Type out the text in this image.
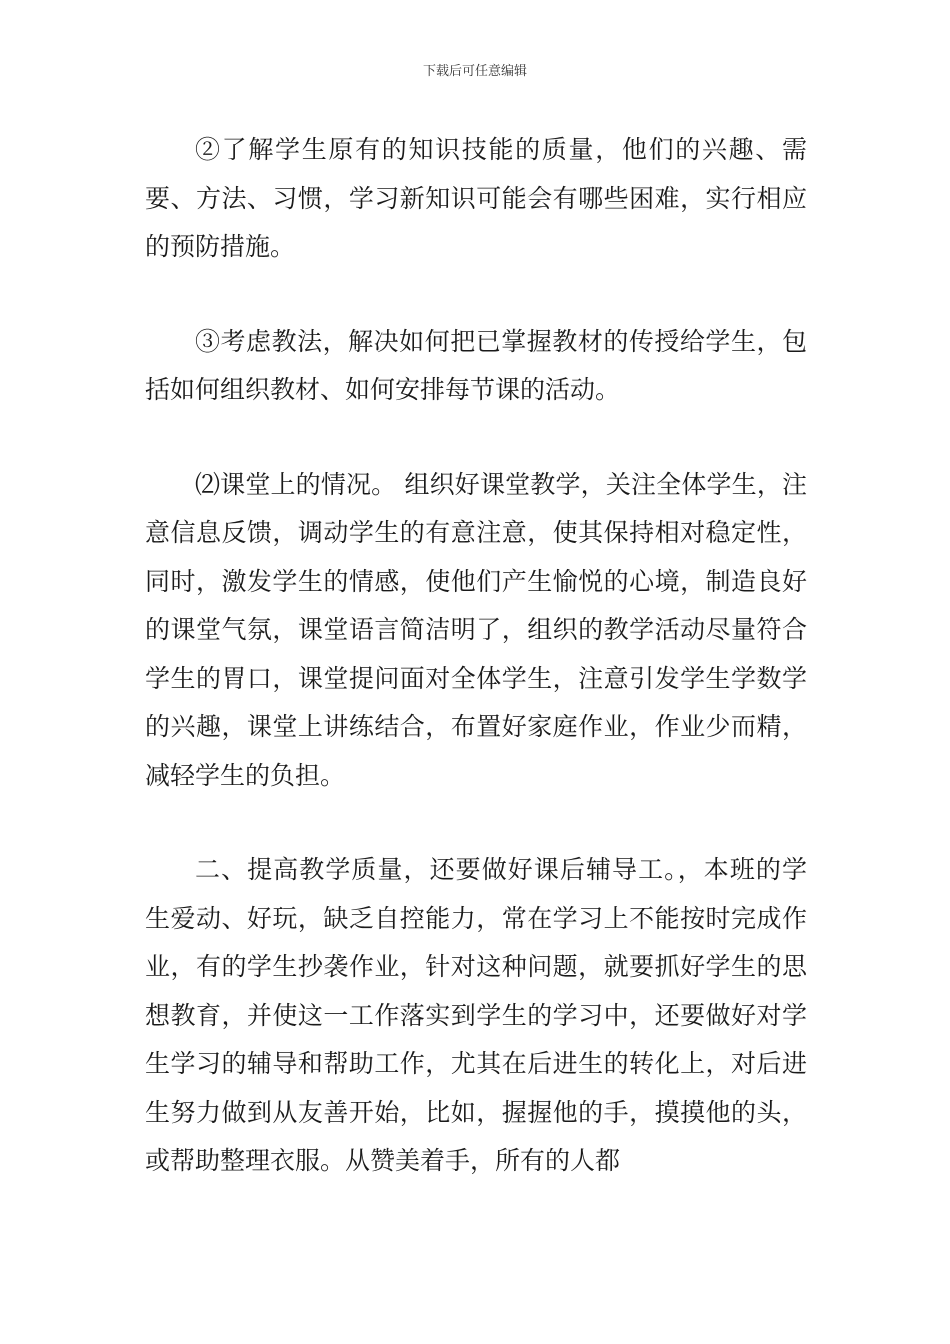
下载后可任意编辑

②了解学生原有的知识技能的质量，他们的兴趣、需要、方法、习惯，学习新知识可能会有哪些困难，实行相应的预防措施。

③考虑教法，解决如何把已掌握教材的传授给学生，包括如何组织教材、如何安排每节课的活动。

⑵课堂上的情况。 组织好课堂教学，关注全体学生，注意信息反馈，调动学生的有意注意，使其保持相对稳定性，同时，激发学生的情感，使他们产生愉悦的心境，制造良好的课堂气氛，课堂语言简洁明了，组织的教学活动尽量符合学生的胃口，课堂提问面对全体学生，注意引发学生学数学的兴趣，课堂上讲练结合，布置好家庭作业，作业少而精，减轻学生的负担。

二、提高教学质量，还要做好课后辅导工。，本班的学生爱动、好玩，缺乏自控能力，常在学习上不能按时完成作业，有的学生抄袭作业，针对这种问题，就要抓好学生的思想教育，并使这一工作落实到学生的学习中，还要做好对学生学习的辅导和帮助工作，尤其在后进生的转化上，对后进生努力做到从友善开始，比如，握握他的手，摸摸他的头，或帮助整理衣服。从赞美着手，所有的人都
